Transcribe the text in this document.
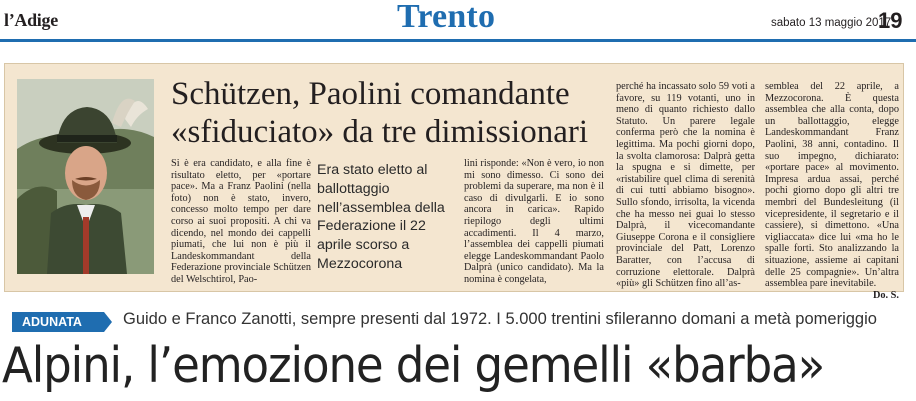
l’Adige	Trento	sabato 13 maggio 2017
19
Schützen, Paolini comandante
«sfiduciato» da tre dimissionari

Si è era candidato, e alla fine è risultato eletto, per «portare pace». Ma a Franz Paolini (nella foto) non è stato, invero, concesso molto tempo per dare corso ai suoi propositi. A chi va dicendo, nel mondo dei cappelli piumati, che lui non è più il Landeskommandant della Federazione provinciale Schützen del Welschtirol, Pao-

Era stato eletto al ballottaggio nell’assemblea della Federazione il 22 aprile scorso a Mezzocorona

lini risponde: «Non è vero, io non mi sono dimesso. Ci sono dei problemi da superare, ma non è il caso di divulgarli. E io sono ancora in carica». Rapido riepilogo degli ultimi accadimenti. Il 4 marzo, l’assemblea dei cappelli piumati elegge Landeskommandant Paolo Dalprà (unico candidato). Ma la nomina è congelata,

perché ha incassato solo 59 voti a favore, su 119 votanti, uno in meno di quanto richiesto dallo Statuto. Un parere legale conferma però che la nomina è legittima. Ma pochi giorni dopo, la svolta clamorosa: Dalprà getta la spugna e si dimette, per «ristabilire quel clima di serenità di cui tutti abbiamo bisogno». Sullo sfondo, irrisolta, la vicenda che ha messo nei guai lo stesso Dalprà, il vicecomandante Giuseppe Corona e il consigliere provinciale del Patt, Lorenzo Baratter, con l’accusa di corruzione elettorale. Dalprà «più» gli Schützen fino all’as-

semblea del 22 aprile, a Mezzocorona. È questa assemblea che alla conta, dopo un ballottaggio, elegge Landeskommandant Franz Paolini, 38 anni, contadino. Il suo impegno, dichiarato: «portare pace» al movimento. Impresa ardua assai, perché pochi giorno dopo gli altri tre membri del Bundesleitung (il vicepresidente, il segretario e il cassiere), si dimettono. «Una vigliaccata» dice lui «ma ho le spalle forti. Sto analizzando la situazione, assieme ai capitani delle 25 compagnie». Un’altra assemblea pare inevitabile.

Do. S.

ADUNATA	Guido e Franco Zanotti, sempre presenti dal 1972. I 5.000 trentini sfileranno domani a metà pomeriggio
Alpini, l’emozione dei gemelli «barba»
